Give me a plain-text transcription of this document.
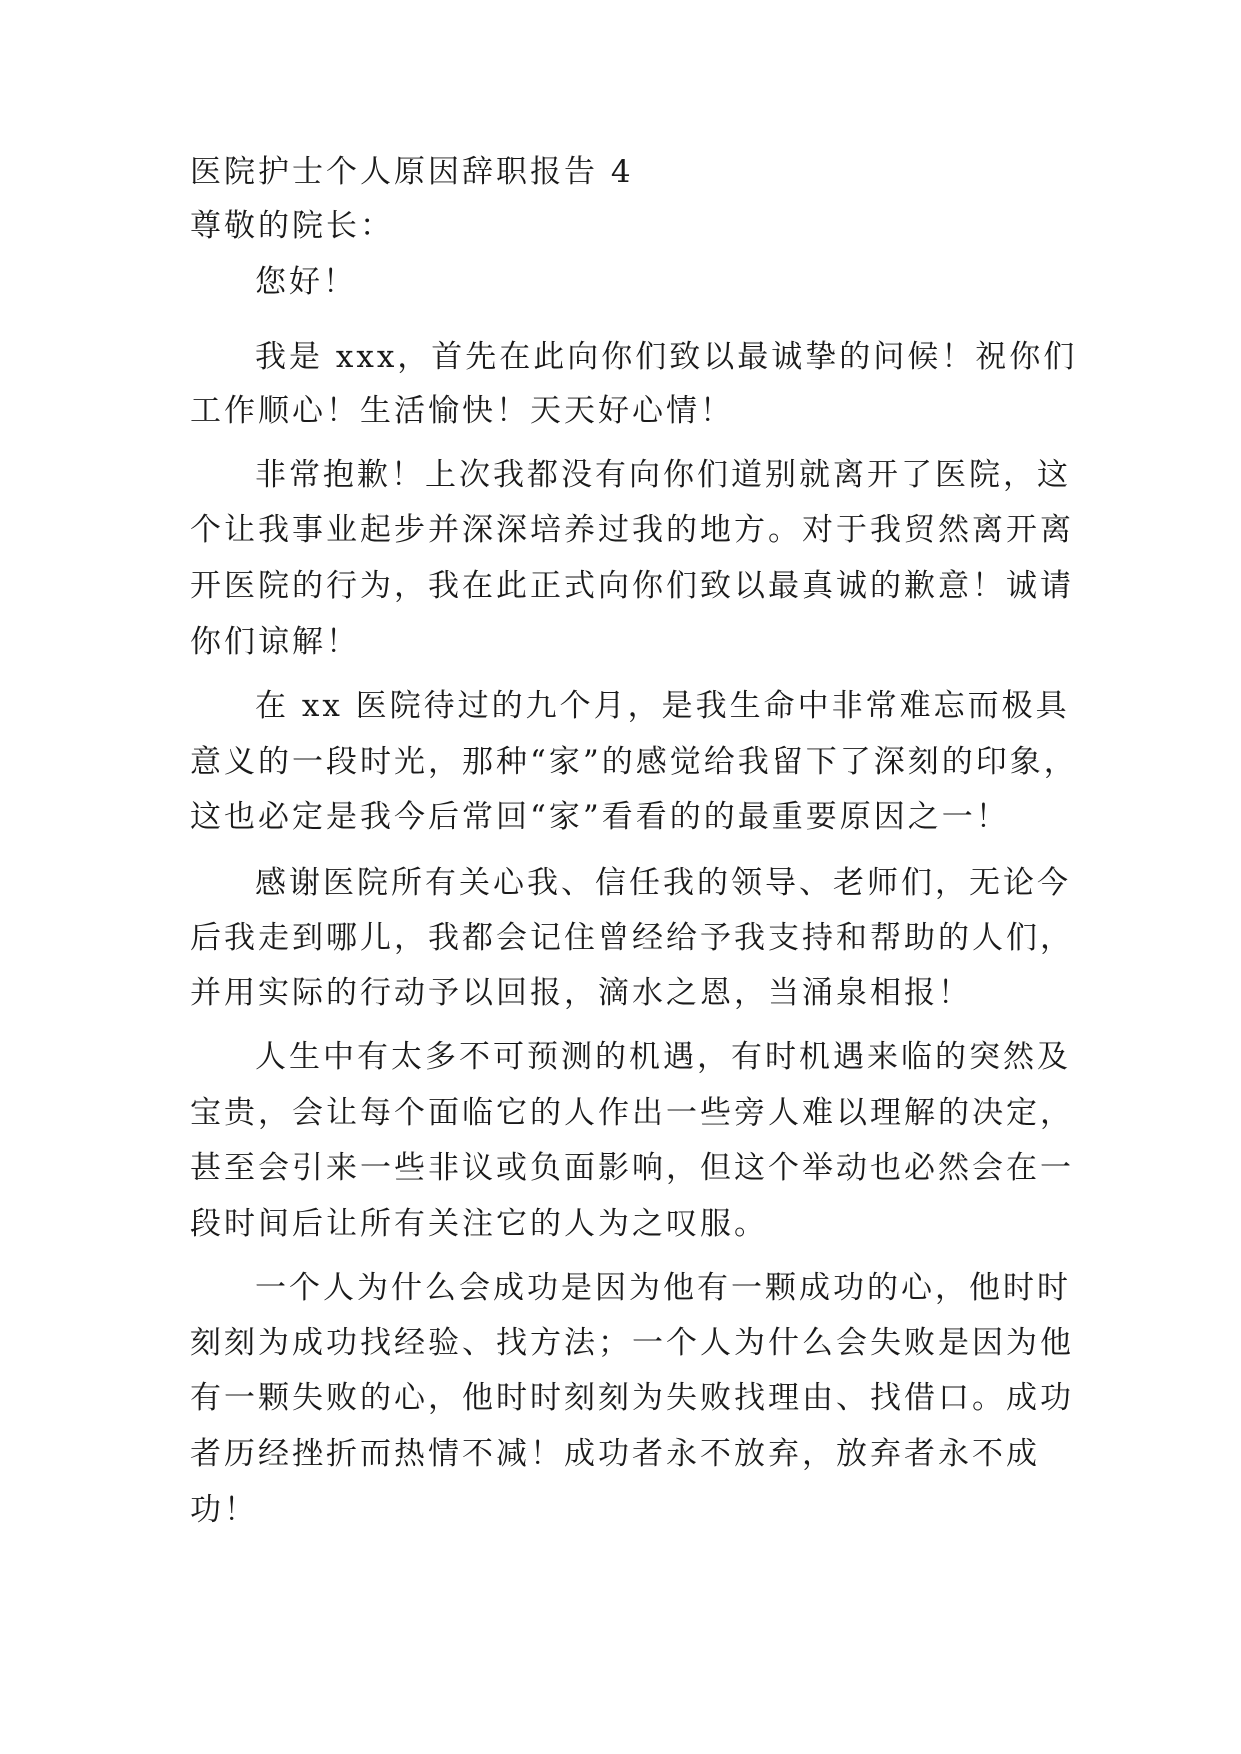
医院护士个人原因辞职报告 4
尊敬的院长：
您好！
我是 xxx，首先在此向你们致以最诚挚的问候！祝你们
工作顺心！生活愉快！天天好心情！
非常抱歉！上次我都没有向你们道别就离开了医院，这
个让我事业起步并深深培养过我的地方。对于我贸然离开离
开医院的行为，我在此正式向你们致以最真诚的歉意！诚请
你们谅解！
在 xx 医院待过的九个月，是我生命中非常难忘而极具
意义的一段时光，那种“家”的感觉给我留下了深刻的印象，
这也必定是我今后常回“家”看看的的最重要原因之一！
感谢医院所有关心我、信任我的领导、老师们，无论今
后我走到哪儿，我都会记住曾经给予我支持和帮助的人们，
并用实际的行动予以回报，滴水之恩，当涌泉相报！
人生中有太多不可预测的机遇，有时机遇来临的突然及
宝贵，会让每个面临它的人作出一些旁人难以理解的决定，
甚至会引来一些非议或负面影响，但这个举动也必然会在一
段时间后让所有关注它的人为之叹服。
一个人为什么会成功是因为他有一颗成功的心，他时时
刻刻为成功找经验、找方法；一个人为什么会失败是因为他
有一颗失败的心，他时时刻刻为失败找理由、找借口。成功
者历经挫折而热情不减！成功者永不放弃，放弃者永不成
功！
